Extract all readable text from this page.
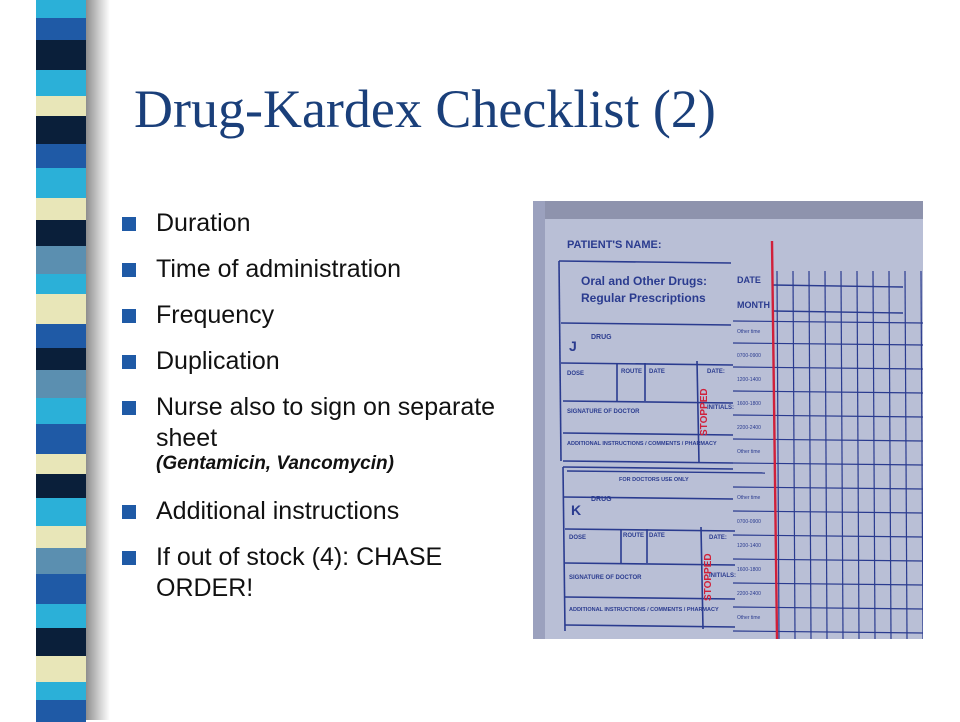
Drug-Kardex Checklist (2)
Duration
Time of administration
Frequency
Duplication
Nurse also to sign on separate sheet
(Gentamicin, Vancomycin)
Additional instructions
If out of stock (4): CHASE ORDER!
PATIENT'S NAME:
Oral and Other Drugs:
Regular Prescriptions
DATE
MONTH
J
DRUG
DOSE	ROUTE DATE	DATE:
INITIALS:
SIGNATURE OF DOCTOR
ADDITIONAL INSTRUCTIONS / COMMENTS / PHARMACY
FOR DOCTORS USE ONLY
K
DRUG
DOSE	ROUTE DATE	DATE:
INITIALS:
SIGNATURE OF DOCTOR
ADDITIONAL INSTRUCTIONS / COMMENTS / PHARMACY
STOPPED
STOPPED
Other time
0700-0900
1200-1400
1600-1800
2200-2400
Other time
Other time
0700-0900
1200-1400
1600-1800
2200-2400
Other time
